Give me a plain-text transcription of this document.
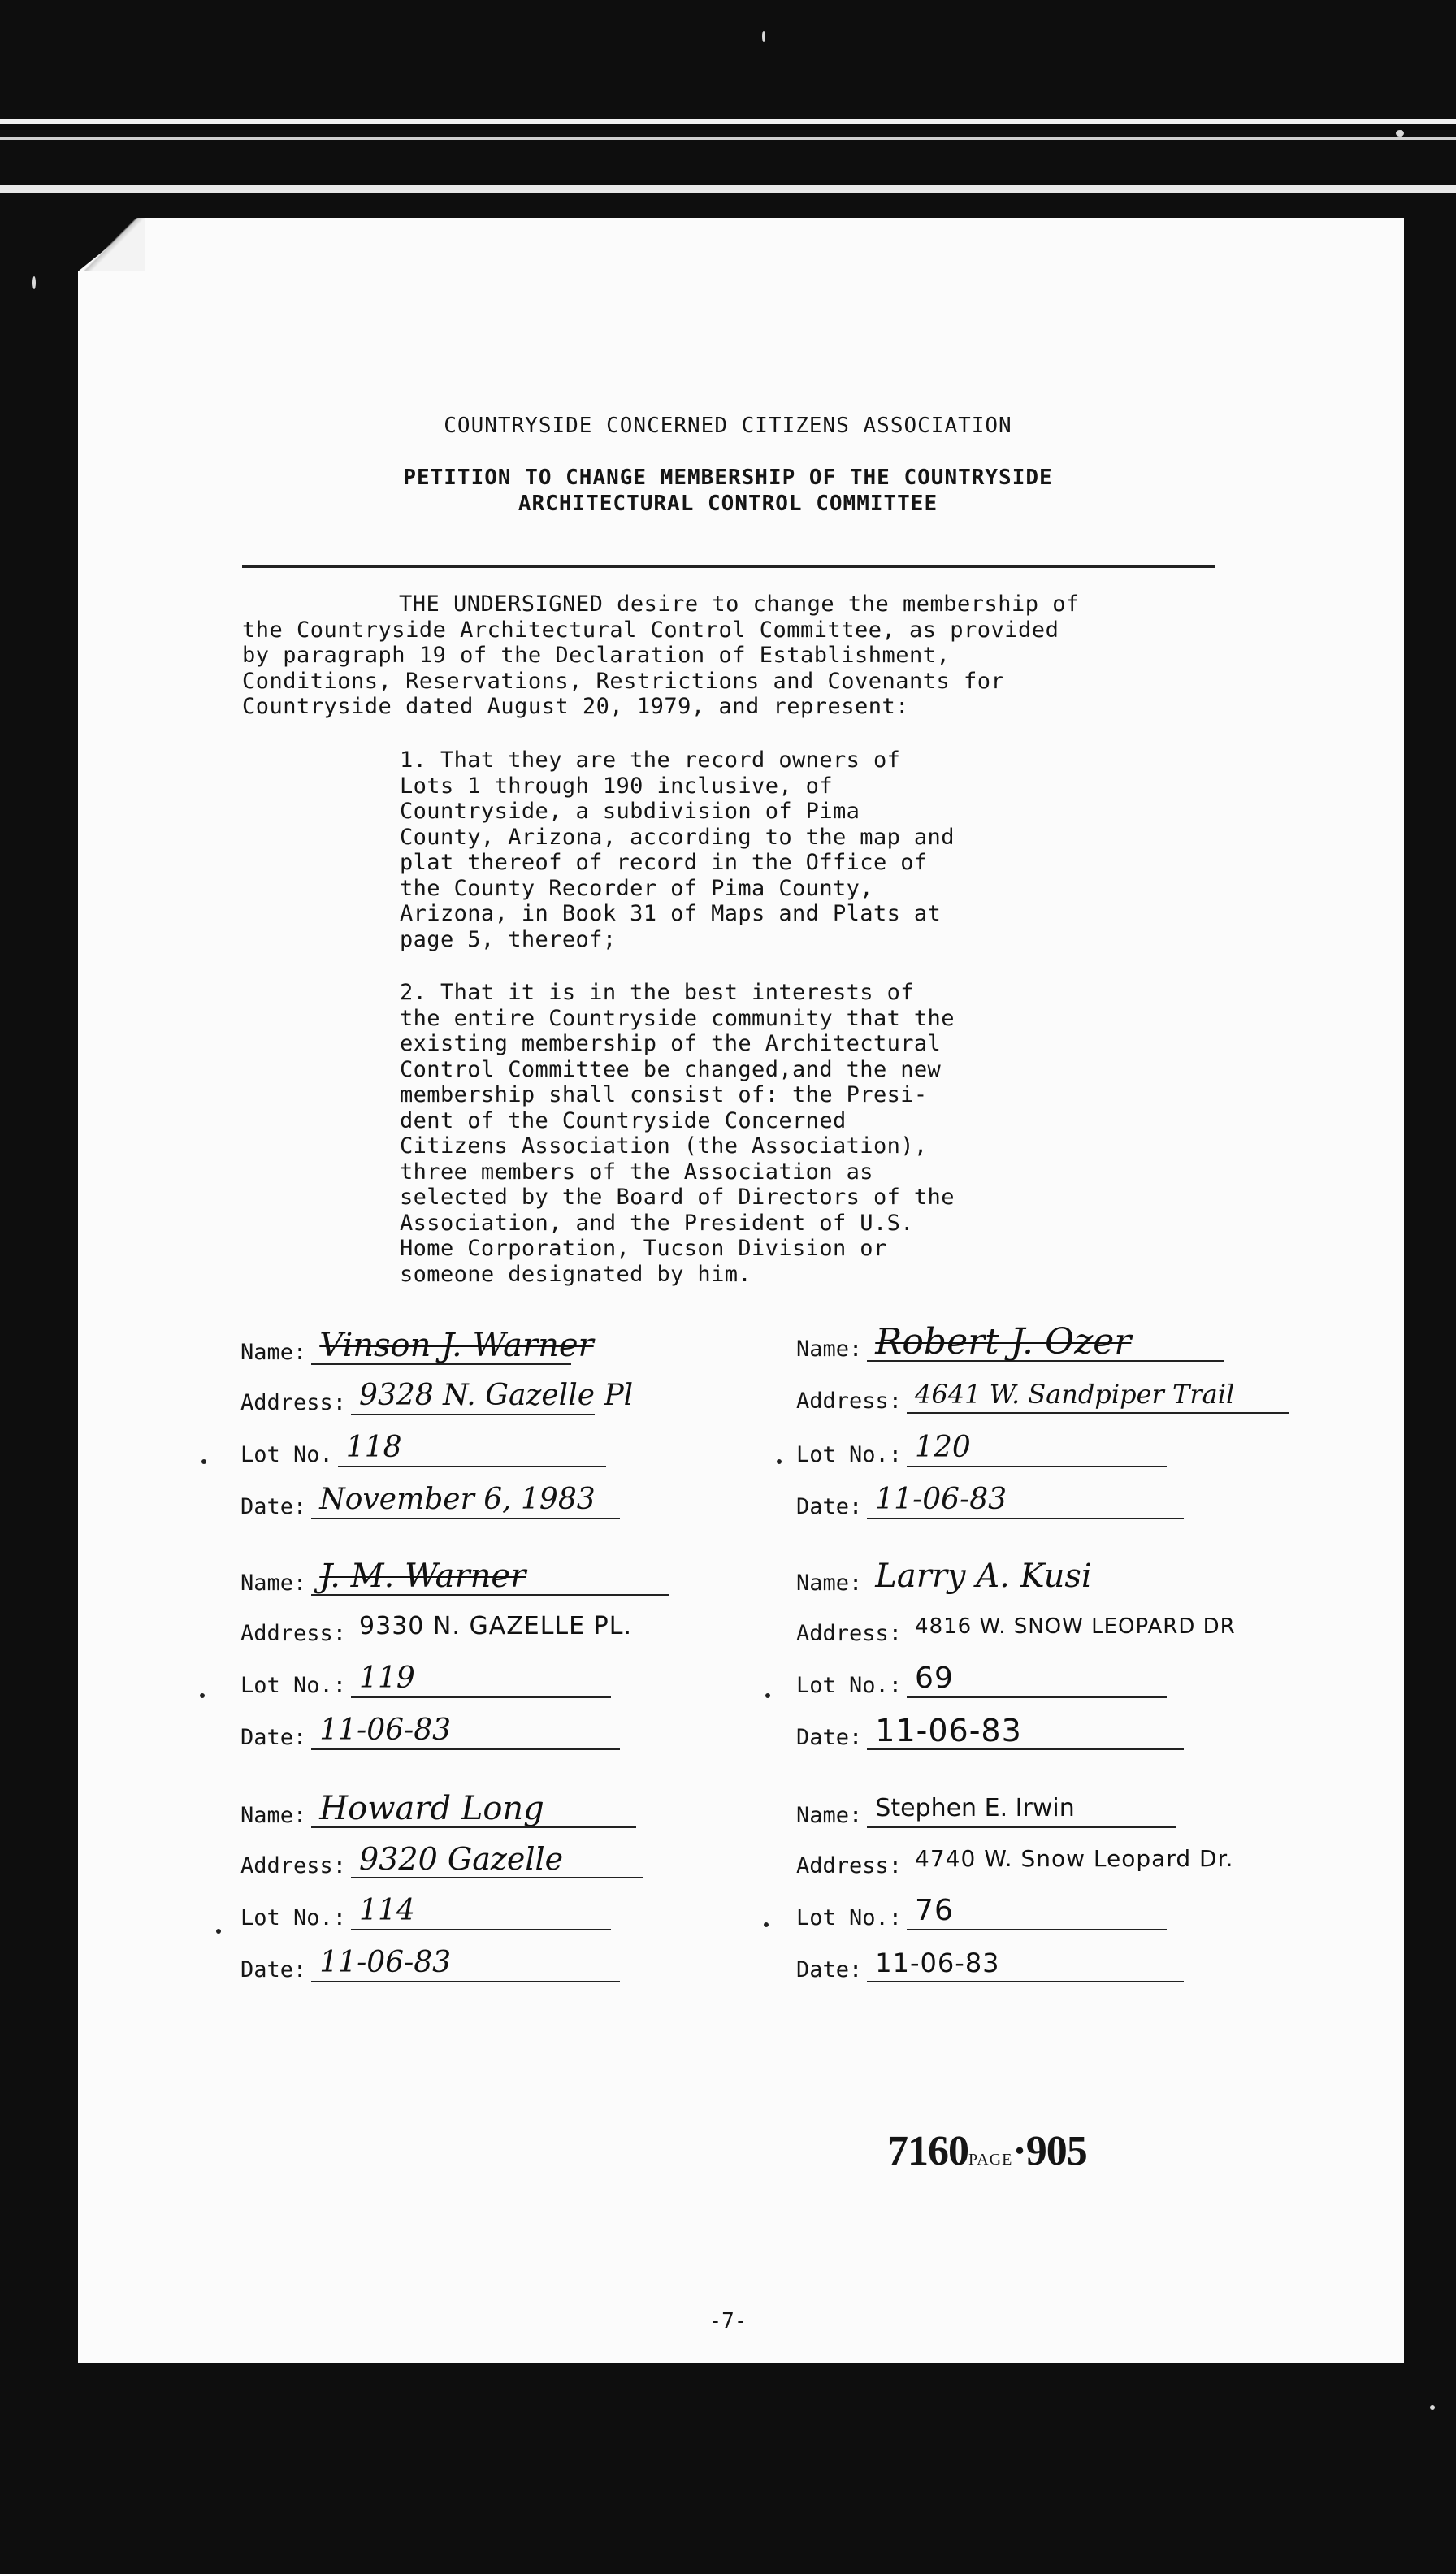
COUNTRYSIDE CONCERNED CITIZENS ASSOCIATION
PETITION TO CHANGE MEMBERSHIP OF THE COUNTRYSIDE
ARCHITECTURAL CONTROL COMMITTEE

THE UNDERSIGNED desire to change the membership of
the Countryside Architectural Control Committee, as provided
by paragraph 19 of the Declaration of Establishment,
Conditions, Reservations, Restrictions and Covenants for
Countryside dated August 20, 1979, and represent:

1. That they are the record owners of
Lots 1 through 190 inclusive, of
Countryside, a subdivision of Pima
County, Arizona, according to the map and
plat thereof of record in the Office of
the County Recorder of Pima County,
Arizona, in Book 31 of Maps and Plats at
page 5, thereof;

2. That it is in the best interests of
the entire Countryside community that the
existing membership of the Architectural
Control Committee be changed,and the new
membership shall consist of: the Presi-
dent of the Countryside Concerned
Citizens Association (the Association),
three members of the Association as
selected by the Board of Directors of the
Association, and the President of U.S.
Home Corporation, Tucson Division or
someone designated by him.

Name: Vinson J. Warner
Address: 9328 N. Gazelle Pl
Lot No. 118
Date: November 6, 1983
Name: Robert J. Ozer
Address: 4641 W. Sandpiper Trail
Lot No.: 120
Date: 11-06-83
Name: J. M. Warner
Address: 9330 N. GAZELLE PL.
Lot No.: 119
Date: 11-06-83
Name: Larry A. Kusi
Address: 4816 W. SNOW LEOPARD DR
Lot No.: 69
Date: 11-06-83
Name: Howard Long
Address: 9320 Gazelle
Lot No.: 114
Date: 11-06-83
Name: Stephen E. Irwin
Address: 4740 W. Snow Leopard Dr.
Lot No.: 76
Date: 11-06-83
7160PAGE·905
-7-
